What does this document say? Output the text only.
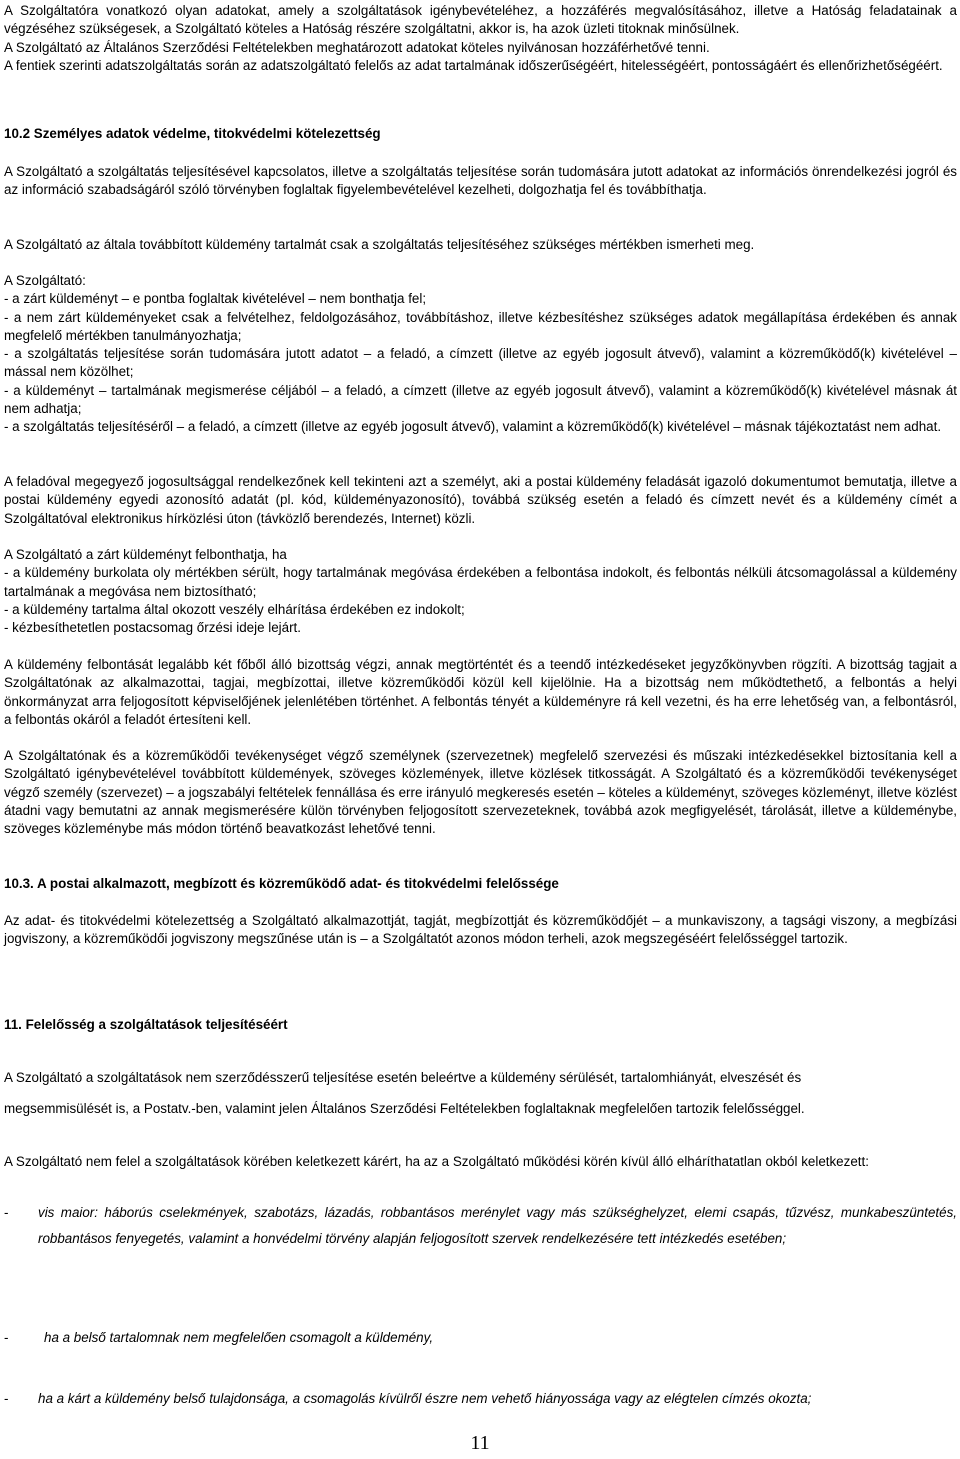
A Szolgáltatóra vonatkozó olyan adatokat, amely a szolgáltatások igénybevételéhez, a hozzáférés megvalósításához, illetve a Hatóság feladatainak a végzéséhez szükségesek, a Szolgáltató köteles a Hatóság részére szolgáltatni, akkor is, ha azok üzleti titoknak minősülnek.

A Szolgáltató az Általános Szerződési Feltételekben meghatározott adatokat köteles nyilvánosan hozzáférhetővé tenni.

A fentiek szerinti adatszolgáltatás során az adatszolgáltató felelős az adat tartalmának időszerűségéért, hitelességéért, pontosságáért és ellenőrizhetőségéért.

10.2 Személyes adatok védelme, titokvédelmi kötelezettség
A Szolgáltató a szolgáltatás teljesítésével kapcsolatos, illetve a szolgáltatás teljesítése során tudomására jutott adatokat az információs önrendelkezési jogról és az információ szabadságáról szóló törvényben foglaltak figyelembevételével kezelheti, dolgozhatja fel és továbbíthatja.
A Szolgáltató az általa továbbított küldemény tartalmát csak a szolgáltatás teljesítéséhez szükséges mértékben ismerheti meg.

A Szolgáltató:

- a zárt küldeményt – e pontba foglaltak kivételével – nem bonthatja fel;

- a nem zárt küldeményeket csak a felvételhez, feldolgozásához, továbbításhoz, illetve kézbesítéshez szükséges adatok megállapítása érdekében és annak megfelelő mértékben tanulmányozhatja;

- a szolgáltatás teljesítése során tudomására jutott adatot – a feladó, a címzett (illetve az egyéb jogosult átvevő), valamint a közreműködő(k) kivételével – mással nem közölhet;

- a küldeményt – tartalmának megismerése céljából – a feladó, a címzett (illetve az egyéb jogosult átvevő), valamint a közreműködő(k) kivételével másnak át nem adhatja;

- a szolgáltatás teljesítéséről – a feladó, a címzett (illetve az egyéb jogosult átvevő), valamint a közreműködő(k) kivételével – másnak tájékoztatást nem adhat.

A feladóval megegyező jogosultsággal rendelkezőnek kell tekinteni azt a személyt, aki a postai küldemény feladását igazoló dokumentumot bemutatja, illetve a postai küldemény egyedi azonosító adatát (pl. kód, küldeményazonosító), továbbá szükség esetén a feladó és címzett nevét és a küldemény címét a Szolgáltatóval elektronikus hírközlési úton (távközlő berendezés, Internet) közli.

A Szolgáltató a zárt küldeményt felbonthatja, ha

- a küldemény burkolata oly mértékben sérült, hogy tartalmának megóvása érdekében a felbontása indokolt, és felbontás nélküli átcsomagolással a küldemény tartalmának a megóvása nem biztosítható;

- a küldemény tartalma által okozott veszély elhárítása érdekében ez indokolt;

- kézbesíthetetlen postacsomag őrzési ideje lejárt.

A küldemény felbontását legalább két főből álló bizottság végzi, annak megtörténtét és a teendő intézkedéseket jegyzőkönyvben rögzíti. A bizottság tagjait a Szolgáltatónak az alkalmazottai, tagjai, megbízottai, illetve közreműködői közül kell kijelölnie. Ha a bizottság nem működtethető, a felbontás a helyi önkormányzat arra feljogosított képviselőjének jelenlétében történhet. A felbontás tényét a küldeményre rá kell vezetni, és ha erre lehetőség van, a felbontásról, a felbontás okáról a feladót értesíteni kell.
A Szolgáltatónak és a közreműködői tevékenységet végző személynek (szervezetnek) megfelelő szervezési és műszaki intézkedésekkel biztosítania kell a Szolgáltató igénybevételével továbbított küldemények, szöveges közlemények, illetve közlések titkosságát. A Szolgáltató és a közreműködői tevékenységet végző személy (szervezet) – a jogszabályi feltételek fennállása és erre irányuló megkeresés esetén – köteles a küldeményt, szöveges közleményt, illetve közlést átadni vagy bemutatni az annak megismerésére külön törvényben feljogosított szervezeteknek, továbbá azok megfigyelését, tárolását, illetve a küldeménybe, szöveges közleménybe más módon történő beavatkozást lehetővé tenni.
10.3. A postai alkalmazott, megbízott és közreműködő adat- és titokvédelmi felelőssége
Az adat- és titokvédelmi kötelezettség a Szolgáltató alkalmazottját, tagját, megbízottját és közreműködőjét – a munkaviszony, a tagsági viszony, a megbízási jogviszony, a közreműködői jogviszony megszűnése után is – a Szolgáltatót azonos módon terheli, azok megszegéséért felelősséggel tartozik.
11. Felelősség a szolgáltatások teljesítéséért
A Szolgáltató a szolgáltatások nem szerződésszerű teljesítése esetén beleértve a küldemény sérülését, tartalomhiányát, elveszését és
megsemmisülését is, a Postatv.-ben, valamint jelen Általános Szerződési Feltételekben foglaltaknak megfelelően tartozik felelősséggel.
A Szolgáltató nem felel a szolgáltatások körében keletkezett kárért, ha az a Szolgáltató működési körén kívül álló elháríthatatlan okból keletkezett:
- vis maior: háborús cselekmények, szabotázs, lázadás, robbantásos merénylet vagy más szükséghelyzet, elemi csapás, tűzvész, munkabeszüntetés, robbantásos fenyegetés, valamint a honvédelmi törvény alapján feljogosított szervek rendelkezésére tett intézkedés esetében;
-	ha a belső tartalomnak nem megfelelően csomagolt a küldemény,
- ha a kárt a küldemény belső tulajdonsága, a csomagolás kívülről észre nem vehető hiányossága vagy az elégtelen címzés okozta;
11
